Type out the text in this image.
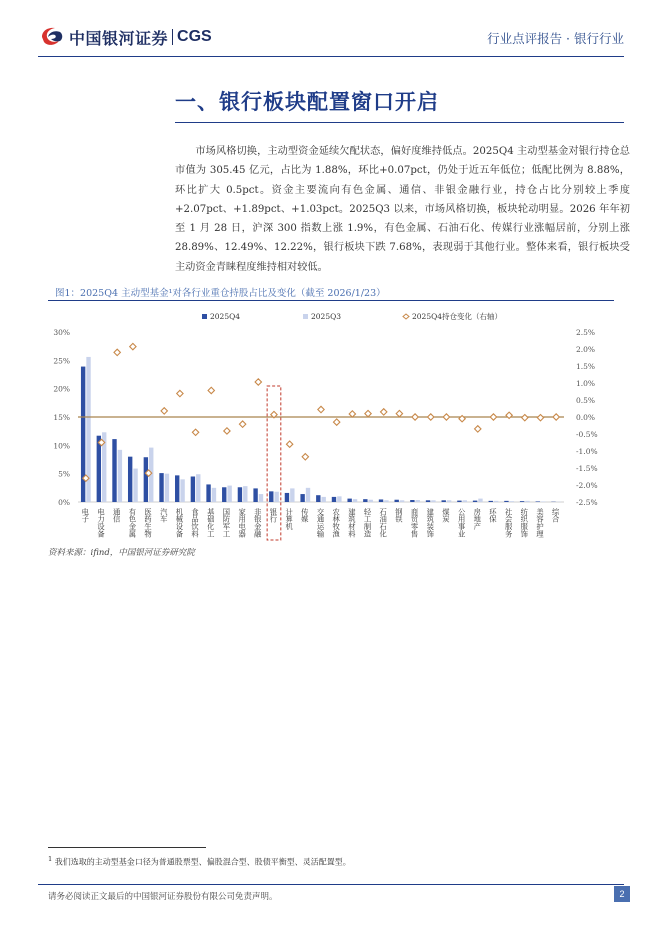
中国银河证券 CGS	行业点评报告 · 银行行业
一、银行板块配置窗口开启

市场风格切换，主动型资金延续欠配状态，偏好度维持低点。2025Q4 主动型基金对银行持仓总市值为 305.45 亿元，占比为 1.88%，环比+0.07pct，仍处于近五年低位；低配比例为 8.88%，环比扩大 0.5pct。资金主要流向有色金属、通信、非银金融行业，持仓占比分别较上季度+2.07pct、+1.89pct、+1.03pct。2025Q3 以来，市场风格切换，板块轮动明显。2026 年年初至 1 月 28 日，沪深 300 指数上涨 1.9%，有色金属、石油石化、传媒行业涨幅居前，分别上涨 28.89%、12.49%、12.22%，银行板块下跌 7.68%，表现弱于其他行业。整体来看，银行板块受主动资金青睐程度维持相对较低。

图1：2025Q4 主动型基金¹对各行业重仓持股占比及变化（截至 2026/1/23）
0%
5%
10%
15%
20%
25%
30%
-2.5%
-2.0%
-1.5%
-1.0%
-0.5%
0.0%
0.5%
1.0%
1.5%
2.0%
2.5%
电子 电力设备 通信 有色金属 医药生物 汽车 机械设备 食品饮料 基础化工 国防军工 家用电器 非银金融 银行 计算机 传媒 交通运输 农林牧渔 建筑材料 轻工制造 石油石化 钢铁 商贸零售 建筑装饰 煤炭 公用事业 房地产 环保 社会服务 纺织服饰 美容护理 综合
2025Q4	2025Q3	2025Q4持仓变化（右轴）
资料来源：ifind，中国银河证券研究院
$^1$ 我们选取的主动型基金口径为普通股票型、偏股混合型、股债平衡型、灵活配置型。
请务必阅读正文最后的中国银河证券股份有限公司免责声明。	2
